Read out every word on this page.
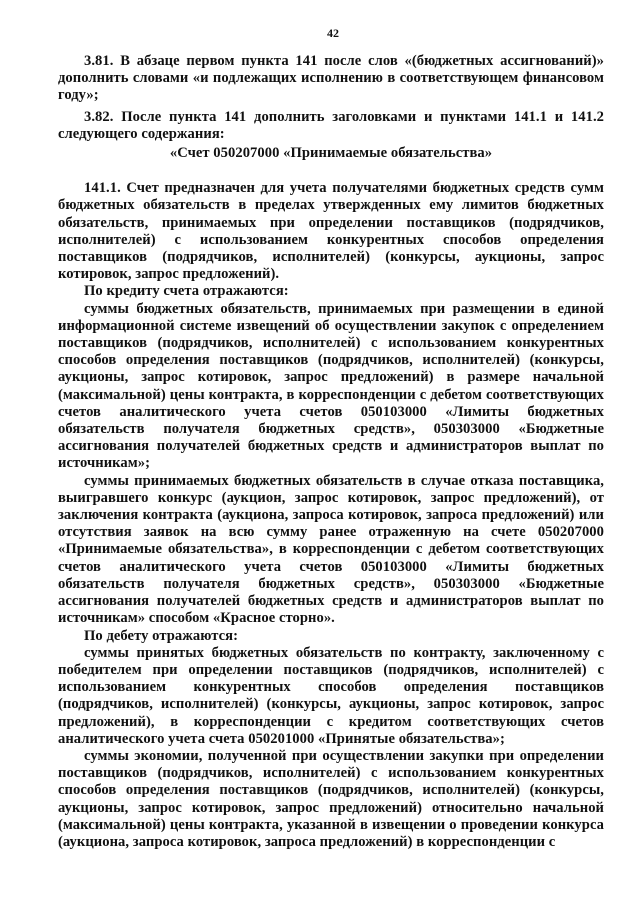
42

3.81. В абзаце первом пункта 141 после слов «(бюджетных ассигнований)» дополнить словами «и подлежащих исполнению в соответствующем финансовом году»;

3.82. После пункта 141 дополнить заголовками и пунктами 141.1 и 141.2 следующего содержания:

«Счет 050207000 «Принимаемые обязательства»

141.1. Счет предназначен для учета получателями бюджетных средств сумм бюджетных обязательств в пределах утвержденных ему лимитов бюджетных обязательств, принимаемых при определении поставщиков (подрядчиков, исполнителей) с использованием конкурентных способов определения поставщиков (подрядчиков, исполнителей) (конкурсы, аукционы, запрос котировок, запрос предложений).

По кредиту счета отражаются:

суммы бюджетных обязательств, принимаемых при размещении в единой информационной системе извещений об осуществлении закупок с определением поставщиков (подрядчиков, исполнителей) с использованием конкурентных способов определения поставщиков (подрядчиков, исполнителей) (конкурсы, аукционы, запрос котировок, запрос предложений) в размере начальной (максимальной) цены контракта, в корреспонденции с дебетом соответствующих счетов аналитического учета счетов 050103000 «Лимиты бюджетных обязательств получателя бюджетных средств», 050303000 «Бюджетные ассигнования получателей бюджетных средств и администраторов выплат по источникам»;

суммы принимаемых бюджетных обязательств в случае отказа поставщика, выигравшего конкурс (аукцион, запрос котировок, запрос предложений), от заключения контракта (аукциона, запроса котировок, запроса предложений) или отсутствия заявок на всю сумму ранее отраженную на счете 050207000 «Принимаемые обязательства», в корреспонденции с дебетом соответствующих счетов аналитического учета счетов 050103000 «Лимиты бюджетных обязательств получателя бюджетных средств», 050303000 «Бюджетные ассигнования получателей бюджетных средств и администраторов выплат по источникам» способом «Красное сторно».

По дебету отражаются:

суммы принятых бюджетных обязательств по контракту, заключенному с победителем при определении поставщиков (подрядчиков, исполнителей) с использованием конкурентных способов определения поставщиков (подрядчиков, исполнителей) (конкурсы, аукционы, запрос котировок, запрос предложений), в корреспонденции с кредитом соответствующих счетов аналитического учета счета 050201000 «Принятые обязательства»;

суммы экономии, полученной при осуществлении закупки при определении поставщиков (подрядчиков, исполнителей) с использованием конкурентных способов определения поставщиков (подрядчиков, исполнителей) (конкурсы, аукционы, запрос котировок, запрос предложений) относительно начальной (максимальной) цены контракта, указанной в извещении о проведении конкурса (аукциона, запроса котировок, запроса предложений) в корреспонденции с
